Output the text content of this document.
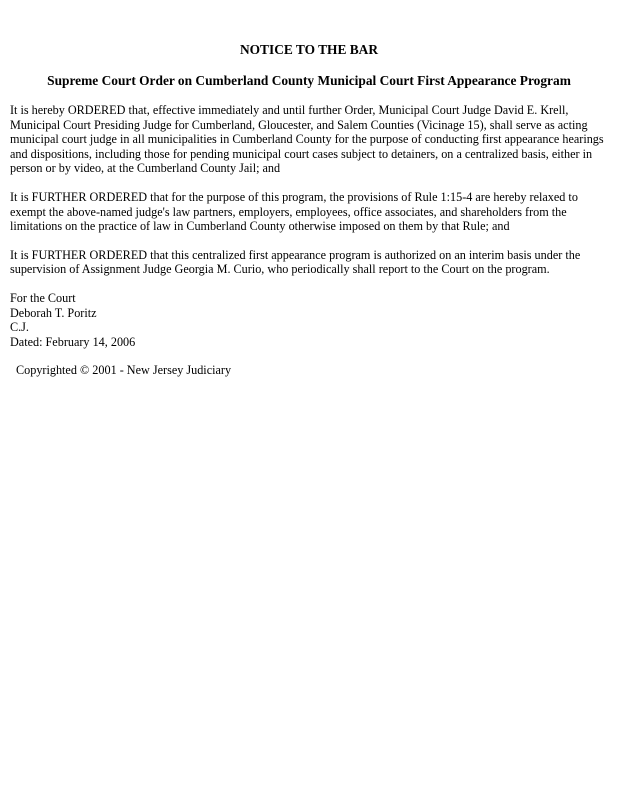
NOTICE TO THE BAR
Supreme Court Order on Cumberland County Municipal Court First Appearance Program
It is hereby ORDERED that, effective immediately and until further Order, Municipal Court Judge David E. Krell,
Municipal Court Presiding Judge for Cumberland, Gloucester, and Salem Counties (Vicinage 15), shall serve as acting
municipal court judge in all municipalities in Cumberland County for the purpose of conducting first appearance hearings
and dispositions, including those for pending municipal court cases subject to detainers, on a centralized basis, either in
person or by video, at the Cumberland County Jail; and
It is FURTHER ORDERED that for the purpose of this program, the provisions of Rule 1:15-4 are hereby relaxed to
exempt the above-named judge's law partners, employers, employees, office associates, and shareholders from the
limitations on the practice of law in Cumberland County otherwise imposed on them by that Rule; and
It is FURTHER ORDERED that this centralized first appearance program is authorized on an interim basis under the
supervision of Assignment Judge Georgia M. Curio, who periodically shall report to the Court on the program.
For the Court
Deborah T. Poritz
C.J.
Dated: February 14, 2006
Copyrighted © 2001 - New Jersey Judiciary
